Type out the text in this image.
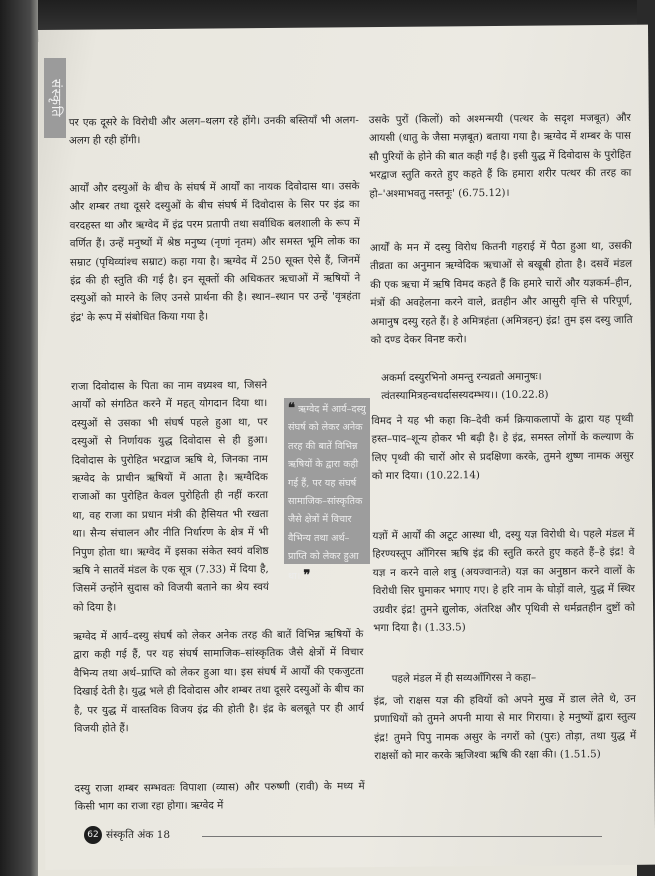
पर एक दूसरे के विरोधी और अलग–थलग रहे होंगे। उनकी बस्तियाँ भी अलग-अलग ही रही होंगी।

आर्यों और दस्युओं के बीच के संघर्ष में आर्यों का नायक दिवोदास था। उसके और शम्बर तथा दूसरे दस्युओं के बीच संघर्ष में दिवोदास के सिर पर इंद्र का वरदहस्त था और ऋग्वेद में इंद्र परम प्रतापी तथा सर्वाधिक बलशाली के रूप में वर्णित हैं। उन्हें मनुष्यों में श्रेष्ठ मनुष्य (नृणां नृतम) और समस्त भूमि लोक का सम्राट (पृथिव्यांश्च सम्राट) कहा गया है। ऋग्वेद में 250 सूक्त ऐसे हैं, जिनमें इंद्र की ही स्तुति की गई है। इन सूक्तों की अधिकतर ऋचाओं में ऋषियों ने दस्युओं को मारने के लिए उनसे प्रार्थना की है। स्थान–स्थान पर उन्हें 'वृत्रहंता इंद्र' के रूप में संबोधित किया गया है।

राजा दिवोदास के पिता का नाम वध्र्यश्व था, जिसने आर्यों को संगठित करने में महत् योगदान दिया था। दस्युओं से उसका भी संघर्ष पहले हुआ था, पर दस्युओं से निर्णायक युद्ध दिवोदास से ही हुआ। दिवोदास के पुरोहित भरद्वाज ऋषि थे, जिनका नाम ऋग्वेद के प्राचीन ऋषियों में आता है। ऋग्वैदिक राजाओं का पुरोहित केवल पुरोहिती ही नहीं करता था, वह राजा का प्रधान मंत्री की हैसियत भी रखता था। सैन्य संचालन और नीति निर्धारण के क्षेत्र में भी निपुण होता था। ऋग्वेद में इसका संकेत स्वयं वशिष्ठ ऋषि ने सातवें मंडल के एक सूत्र (7.33) में दिया है, जिसमें उन्होंने सुदास को विजयी बताने का श्रेय स्वयं को दिया है।

ऋग्वेद में आर्य–दस्यु संघर्ष को लेकर अनेक तरह की बातें विभिन्न ऋषियों के द्वारा कही गई हैं, पर यह संघर्ष सामाजिक–सांस्कृतिक जैसे क्षेत्रों में विचार वैभिन्य तथा अर्थ–प्राप्ति को लेकर हुआ था। इस संघर्ष में आर्यों की एकजुटता दिखाई देती है। युद्ध भले ही दिवोदास और शम्बर तथा दूसरे दस्युओं के बीच का है, पर युद्ध में वास्तविक विजय इंद्र की होती है। इंद्र के बलबूते पर ही आर्य विजयी होते हैं।

दस्यु राजा शम्बर सम्भवतः विपाशा (व्यास) और परुष्णी (रावी) के मध्य में किसी भाग का राजा रहा होगा। ऋग्वेद में

उसके पुरों (किलों) को अश्मन्मयी (पत्थर के सदृश मजबूत) और आयसी (धातु के जैसा मज़बूत) बताया गया है। ऋग्वेद में शम्बर के पास सौ पुरियों के होने की बात कही गई है। इसी युद्ध में दिवोदास के पुरोहित भरद्वाज स्तुति करते हुए कहते हैं कि हमारा शरीर पत्थर की तरह का हो–'अश्माभवतु नस्तनूः' (6.75.12)।

आर्यों के मन में दस्यु विरोध कितनी गहराई में पैठा हुआ था, उसकी तीव्रता का अनुमान ऋग्वेदिक ऋचाओं से बखूबी होता है। दसवें मंडल की एक ऋचा में ऋषि विमद कहते हैं कि हमारे चारों और यज्ञकर्म–हीन, मंत्रों की अवहेलना करने वाले, व्रतहीन और आसुरी वृत्ति से परिपूर्ण, अमानुष दस्यु रहते हैं। हे अमित्रहंता (अमित्रहन्) इंद्र! तुम इस दस्यु जाति को दण्ड देकर विनष्ट करो।

अकर्मा दस्युरभिनो अमन्तु रन्यव्रतो अमानुषः। त्वंतस्यामित्रहन्वधर्दासस्यदम्भय।। (10.22.8)

विमद ने यह भी कहा कि–देवी कर्म क्रियाकलापों के द्वारा यह पृथ्वी हस्त–पाद–शून्य होकर भी बढ़ी है। हे इंद्र, समस्त लोगों के कल्याण के लिए पृथ्वी की चारों ओर से प्रदक्षिणा करके, तुमने शुष्ण नामक असुर को मार दिया। (10.22.14)

यज्ञों में आर्यों की अटूट आस्था थी, दस्यु यज्ञ विरोधी थे। पहले मंडल में हिरण्यस्तूप आँगिरस ऋषि इंद्र की स्तुति करते हुए कहते हैं–हे इंद्र! वे यज्ञ न करने वाले शत्रु (अयज्वानःते) यज्ञ का अनुष्ठान करने वालों के विरोधी सिर घुमाकर भगाए गए। हे हरि नाम के घोड़ों वाले, युद्ध में स्थिर उग्रवीर इंद्र! तुमने द्युलोक, अंतरिक्ष और पृथिवी से धर्मव्रतहीन दुष्टों को भगा दिया है। (1.33.5)

पहले मंडल में ही सव्यआँगिरस ने कहा–

इंद्र, जो राक्षस यज्ञ की हवियों को अपने मुख में डाल लेते थे, उन प्रणाधियों को तुमने अपनी माया से मार गिराया। हे मनुष्यों द्वारा स्तुत्य इंद्र! तुमने पिपु नामक असुर के नगरों को (पुरः) तोड़ा, तथा युद्ध में राक्षसों को मार करके ऋजिश्वा ऋषि की रक्षा की। (1.51.5)

संस्कृति
❝ ऋग्वेद में आर्य–दस्यु संघर्ष को लेकर अनेक तरह की बातें विभिन्न ऋषियों के द्वारा कही गई हैं, पर यह संघर्ष सामाजिक–सांस्कृतिक जैसे क्षेत्रों में विचार वैभिन्य तथा अर्थ–प्राप्ति को लेकर हुआ था। ❞
62 संस्कृति अंक 18
